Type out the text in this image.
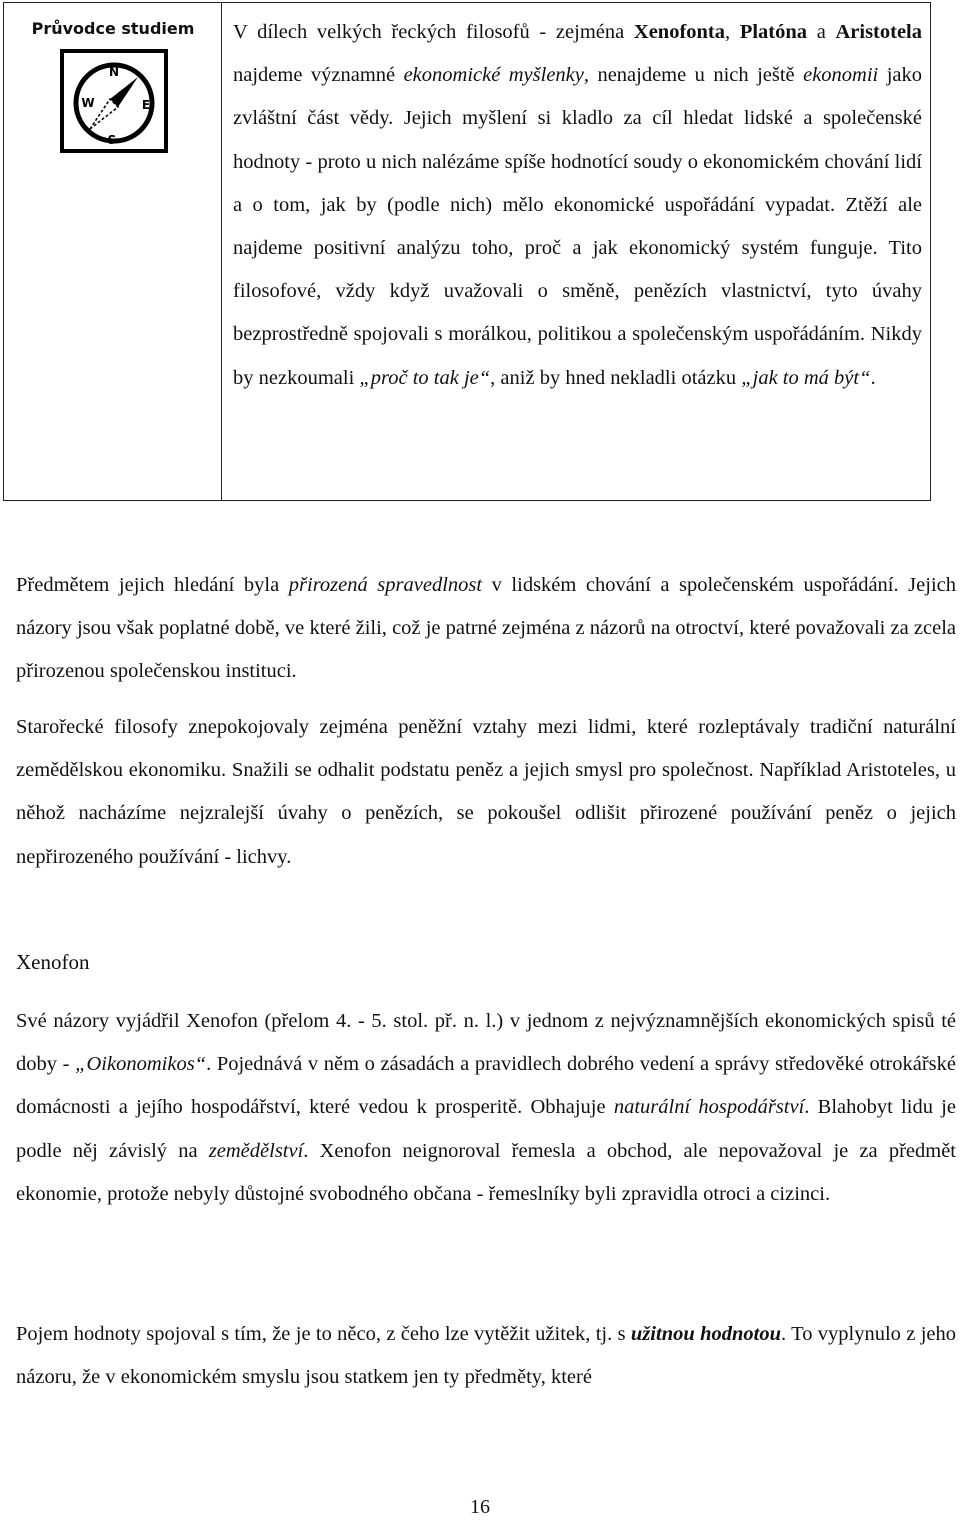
Průvodce studiem
N
W	E
S
V dílech velkých řeckých filosofů - zejména Xenofonta, Platóna a Aristotela najdeme významné ekonomické myšlenky, nenajdeme u nich ještě ekonomii jako zvláštní část vědy. Jejich myšlení si kladlo za cíl hledat lidské a společenské hodnoty - proto u nich nalézáme spíše hodnotící soudy o ekonomickém chování lidí a o tom, jak by (podle nich) mělo ekonomické uspořádání vypadat. Ztěží ale najdeme positivní analýzu toho, proč a jak ekonomický systém funguje. Tito filosofové, vždy když uvažovali o směně, penězích vlastnictví, tyto úvahy bezprostředně spojovali s morálkou, politikou a společenským uspořádáním. Nikdy by nezkoumali „proč to tak je“, aniž by hned nekladli otázku „jak to má být“.

Předmětem jejich hledání byla přirozená spravedlnost v lidském chování a společenském uspořádání. Jejich názory jsou však poplatné době, ve které žili, což je patrné zejména z názorů na otroctví, které považovali za zcela přirozenou společenskou instituci.

Starořecké filosofy znepokojovaly zejména peněžní vztahy mezi lidmi, které rozleptávaly tradiční naturální zemědělskou ekonomiku. Snažili se odhalit podstatu peněz a jejich smysl pro společnost. Například Aristoteles, u něhož nacházíme nejzralejší úvahy o penězích, se pokoušel odlišit přirozené používání peněz o jejich nepřirozeného používání - lichvy.

Xenofon

Své názory vyjádřil Xenofon (přelom 4. - 5. stol. př. n. l.) v jednom z nejvýznamnějších ekonomických spisů té doby - „Oikonomikos“. Pojednává v něm o zásadách a pravidlech dobrého vedení a správy středověké otrokářské domácnosti a jejího hospodářství, které vedou k prosperitě. Obhajuje naturální hospodářství. Blahobyt lidu je podle něj závislý na zemědělství. Xenofon neignoroval řemesla a obchod, ale nepovažoval je za předmět ekonomie, protože nebyly důstojné svobodného občana - řemeslníky byli zpravidla otroci a cizinci.

Pojem hodnoty spojoval s tím, že je to něco, z čeho lze vytěžit užitek, tj. s užitnou hodnotou. To vyplynulo z jeho názoru, že v ekonomickém smyslu jsou statkem jen ty předměty, které

16
